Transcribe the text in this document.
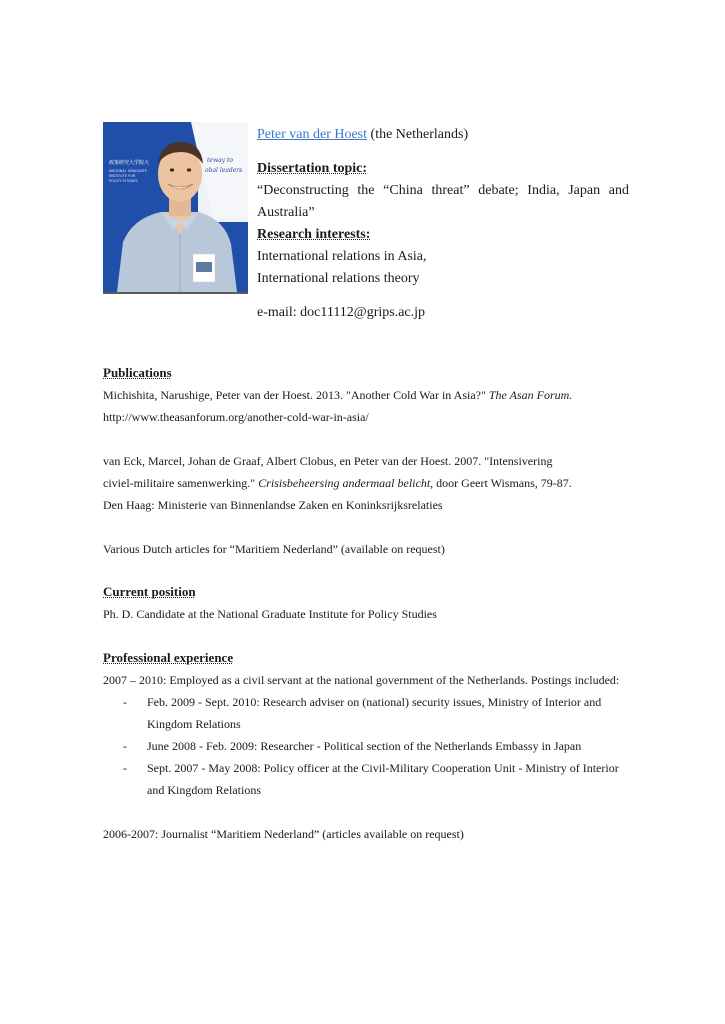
政策研究大学院大
NATIONAL GRADUATE
INSTITUTE FOR
POLICY STUDIES
teway to
obal leaders

Peter van der Hoest (the Netherlands)

Dissertation topic:

“Deconstructing the “China threat” debate; India, Japan and Australia”

Research interests:

International relations in Asia,

International relations theory

e-mail: doc11112@grips.ac.jp

Publications

Michishita, Narushige, Peter van der Hoest. 2013. "Another Cold War in Asia?" The Asan Forum.

http://www.theasanforum.org/another-cold-war-in-asia/

van Eck, Marcel, Johan de Graaf, Albert Clobus, en Peter van der Hoest. 2007. "Intensivering

civiel-militaire samenwerking." Crisisbeheersing andermaal belicht, door Geert Wismans, 79-87.

Den Haag: Ministerie van Binnenlandse Zaken en Koninksrijksrelaties

Various Dutch articles for “Maritiem Nederland” (available on request)

Current position

Ph. D. Candidate at the National Graduate Institute for Policy Studies

Professional experience

2007 – 2010: Employed as a civil servant at the national government of the Netherlands. Postings included:

- Feb. 2009 - Sept. 2010: Research adviser on (national) security issues, Ministry of Interior and Kingdom Relations
- June 2008 - Feb. 2009: Researcher - Political section of the Netherlands Embassy in Japan
- Sept. 2007 - May 2008: Policy officer at the Civil-Military Cooperation Unit - Ministry of Interior and Kingdom Relations

2006-2007: Journalist “Maritiem Nederland” (articles available on request)
